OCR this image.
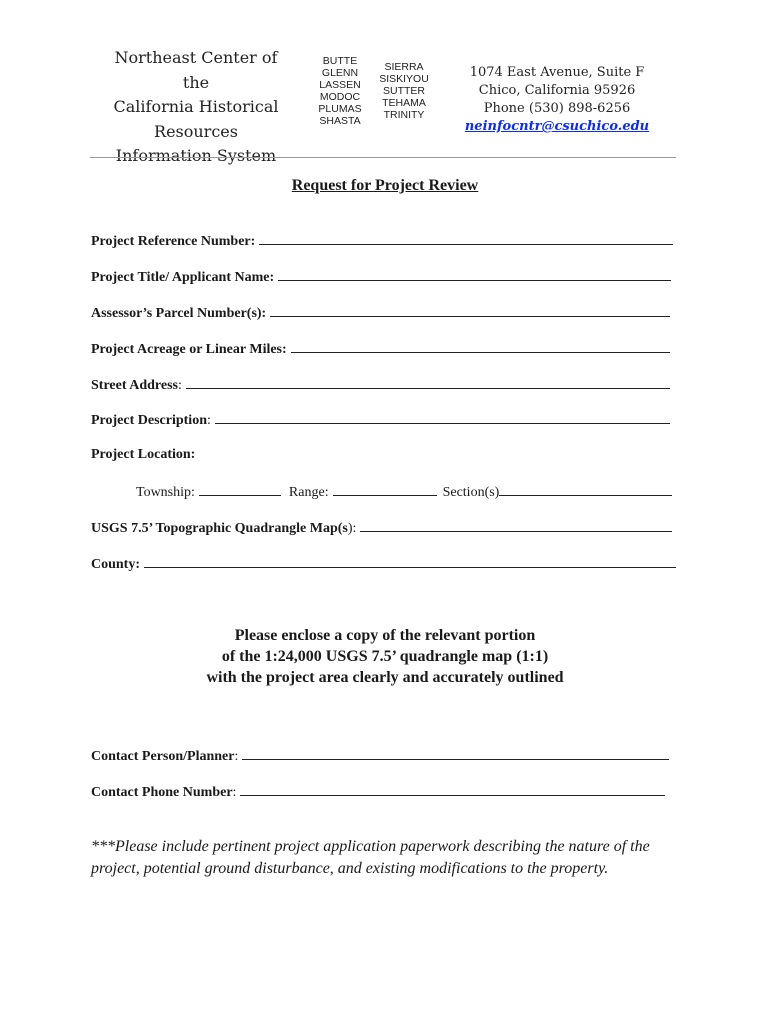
Northeast Center of the
California Historical
Resources
Information System
BUTTE
GLENN
LASSEN
MODOC
PLUMAS
SHASTA
SIERRA
SISKIYOU
SUTTER
TEHAMA
TRINITY
1074 East Avenue, Suite F
Chico, California 95926
Phone (530) 898-6256
neinfocntr@csuchico.edu
Request for Project Review
Project Reference Number:
Project Title/ Applicant Name:
Assessor’s Parcel Number(s):
Project Acreage or Linear Miles:
Street Address:
Project Description:
Project Location:
Township:	Range:	Section(s)
USGS 7.5’ Topographic Quadrangle Map(s):
County:
Please enclose a copy of the relevant portion
of the 1:24,000 USGS 7.5’ quadrangle map (1:1)
with the project area clearly and accurately outlined
Contact Person/Planner:
Contact Phone Number:
***Please include pertinent project application paperwork describing the nature of the project, potential ground disturbance, and existing modifications to the property.
